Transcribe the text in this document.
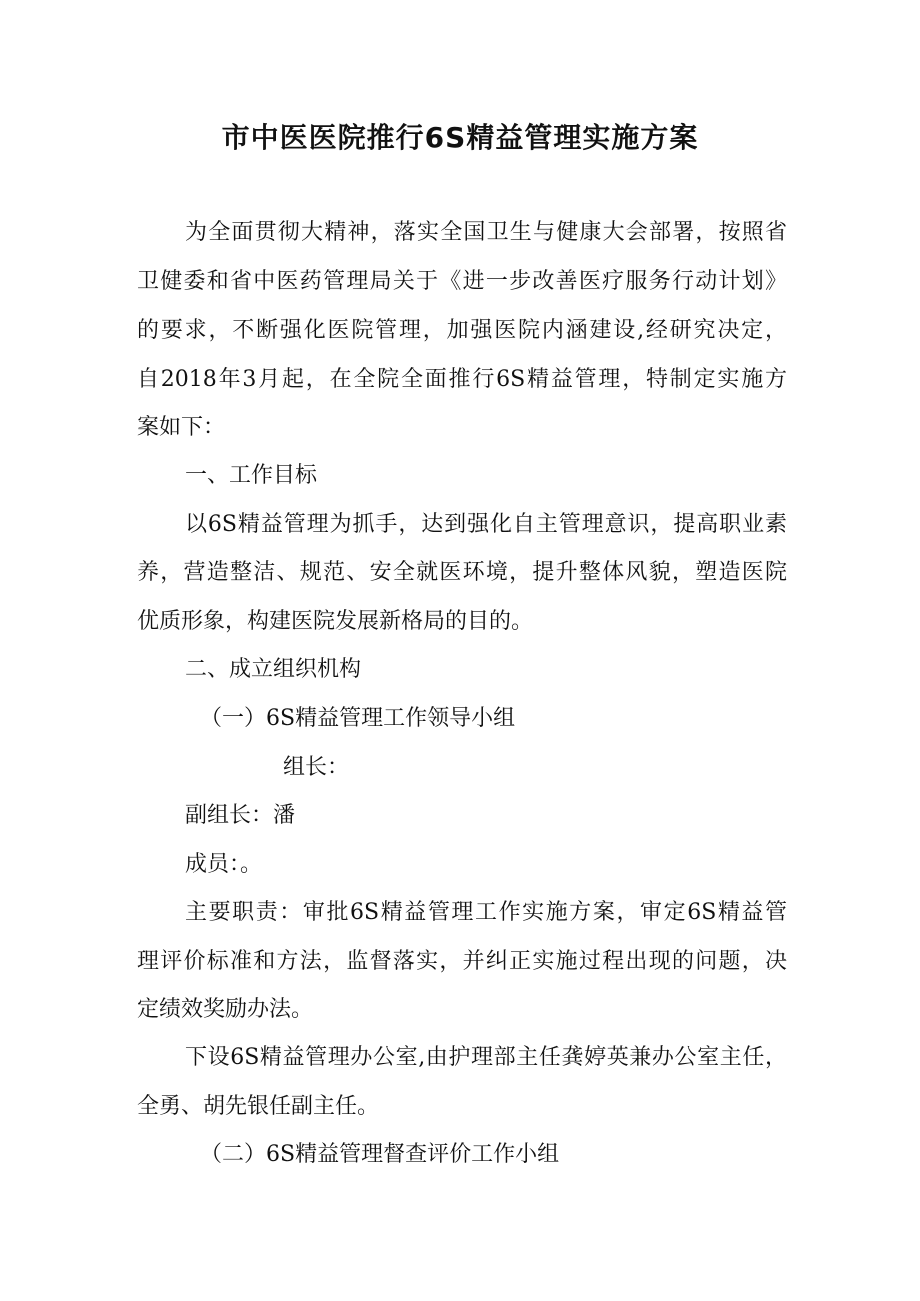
市中医医院推行6S精益管理实施方案

为全面贯彻大精神，落实全国卫生与健康大会部署，按照省

卫健委和省中医药管理局关于《进一步改善医疗服务行动计划》

的要求，不断强化医院管理，加强医院内涵建设,经研究决定，

自2018年3月起，在全院全面推行6S精益管理，特制定实施方

案如下：

一、工作目标

以6S精益管理为抓手，达到强化自主管理意识，提高职业素

养，营造整洁、规范、安全就医环境，提升整体风貌，塑造医院

优质形象，构建医院发展新格局的目的。

二、成立组织机构

（一）6S精益管理工作领导小组

组长：

副组长：潘

成员：。

主要职责：审批6S精益管理工作实施方案，审定6S精益管

理评价标准和方法，监督落实，并纠正实施过程出现的问题，决

定绩效奖励办法。

下设6S精益管理办公室,由护理部主任龚婷英兼办公室主任，

全勇、胡先银任副主任。

（二）6S精益管理督查评价工作小组
